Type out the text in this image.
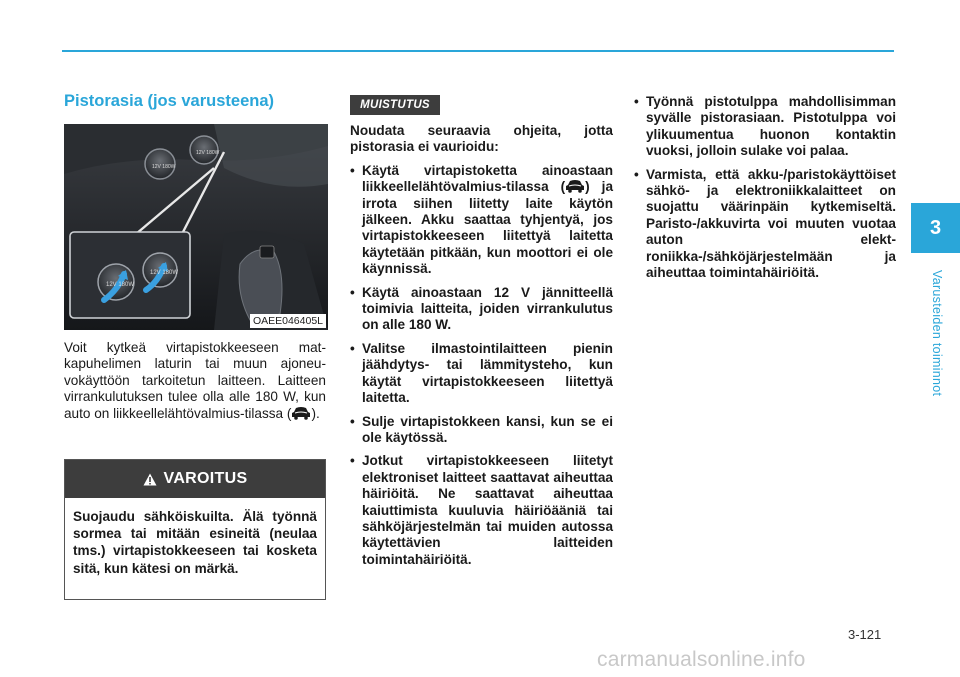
Pistorasia (jos varusteena)
12V 180W
12V 180W
12V 180W
12V 180W
OAEE046405L

Voit kytkeä virtapistokkeeseen matkapuhelimen laturin tai muun ajoneuvokäyttöön tarkoitetun laitteen. Laitteen virrankulutuksen tulee olla alle 180 W, kun auto on liikkeellelähtövalmius-tilassa ( ).

VAROITUS

Suojaudu sähköiskuilta. Älä työnnä sormea tai mitään esineitä (neulaa tms.) virtapistokkeeseen tai kosketa sitä, kun kätesi on märkä.

MUISTUTUS

Noudata seuraavia ohjeita, jotta pistorasia ei vaurioidu:

• Käytä virtapistoketta ainoastaan liikkeellelähtövalmius-tilassa ( ) ja irrota siihen liitetty laite käytön jälkeen. Akku saattaa tyhjentyä, jos virtapistokkeeseen liitettyä laitetta käytetään pitkään, kun moottori ei ole käynnissä.
• Käytä ainoastaan 12 V jännitteellä toimivia laitteita, joiden virrankulutus on alle 180 W.
• Valitse ilmastointilaitteen pienin jäähdytys- tai lämmitysteho, kun käytät virtapistokkeeseen liitettyä laitetta.
• Sulje virtapistokkeen kansi, kun se ei ole käytössä.
• Jotkut virtapistokkeeseen liitetyt elektroniset laitteet saattavat aiheuttaa häiriöitä. Ne saattavat aiheuttaa kaiuttimista kuuluvia häiriöääniä tai sähköjärjestelmän tai muiden autossa käytettävien laitteiden toimintahäiriöitä.
• Työnnä pistotulppa mahdollisimman syvälle pistorasiaan. Pistotulppa voi ylikuumentua huonon kontaktin vuoksi, jolloin sulake voi palaa.
• Varmista, että akku-/paristokäyttöiset sähkö- ja elektroniikkalaitteet on suojattu väärinpäin kytkemiseltä. Paristo-/akkuvirta voi muuten vuotaa auton elektroniikka-/sähköjärjestelmään ja aiheuttaa toimintahäiriöitä.
3
Varusteiden toiminnot
3-121
carmanualsonline.info
